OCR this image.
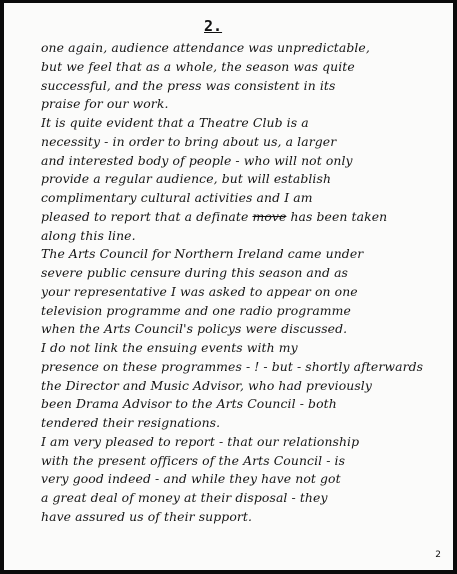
2.
one again, audience attendance was unpredictable,
but we feel that as a whole, the season was quite
successful, and the press was consistent in its
praise for our work.
It is quite evident that a Theatre Club is a
necessity - in order to bring about us, a larger
and interested body of people - who will not only
provide a regular audience, but will establish
complimentary cultural activities and I am
pleased to report that a definate move has been taken
along this line.
The Arts Council for Northern Ireland came under
severe public censure during this season and as
your representative I was asked to appear on one
television programme and one radio programme
when the Arts Council's policys were discussed.
I do not link the ensuing events with my
presence on these programmes - ! - but - shortly afterwards
the Director and Music Advisor, who had previously
been Drama Advisor to the Arts Council - both
tendered their resignations.
I am very pleased to report - that our relationship
with the present officers of the Arts Council - is
very good indeed - and while they have not got
a great deal of money at their disposal - they
have assured us of their support.
2
